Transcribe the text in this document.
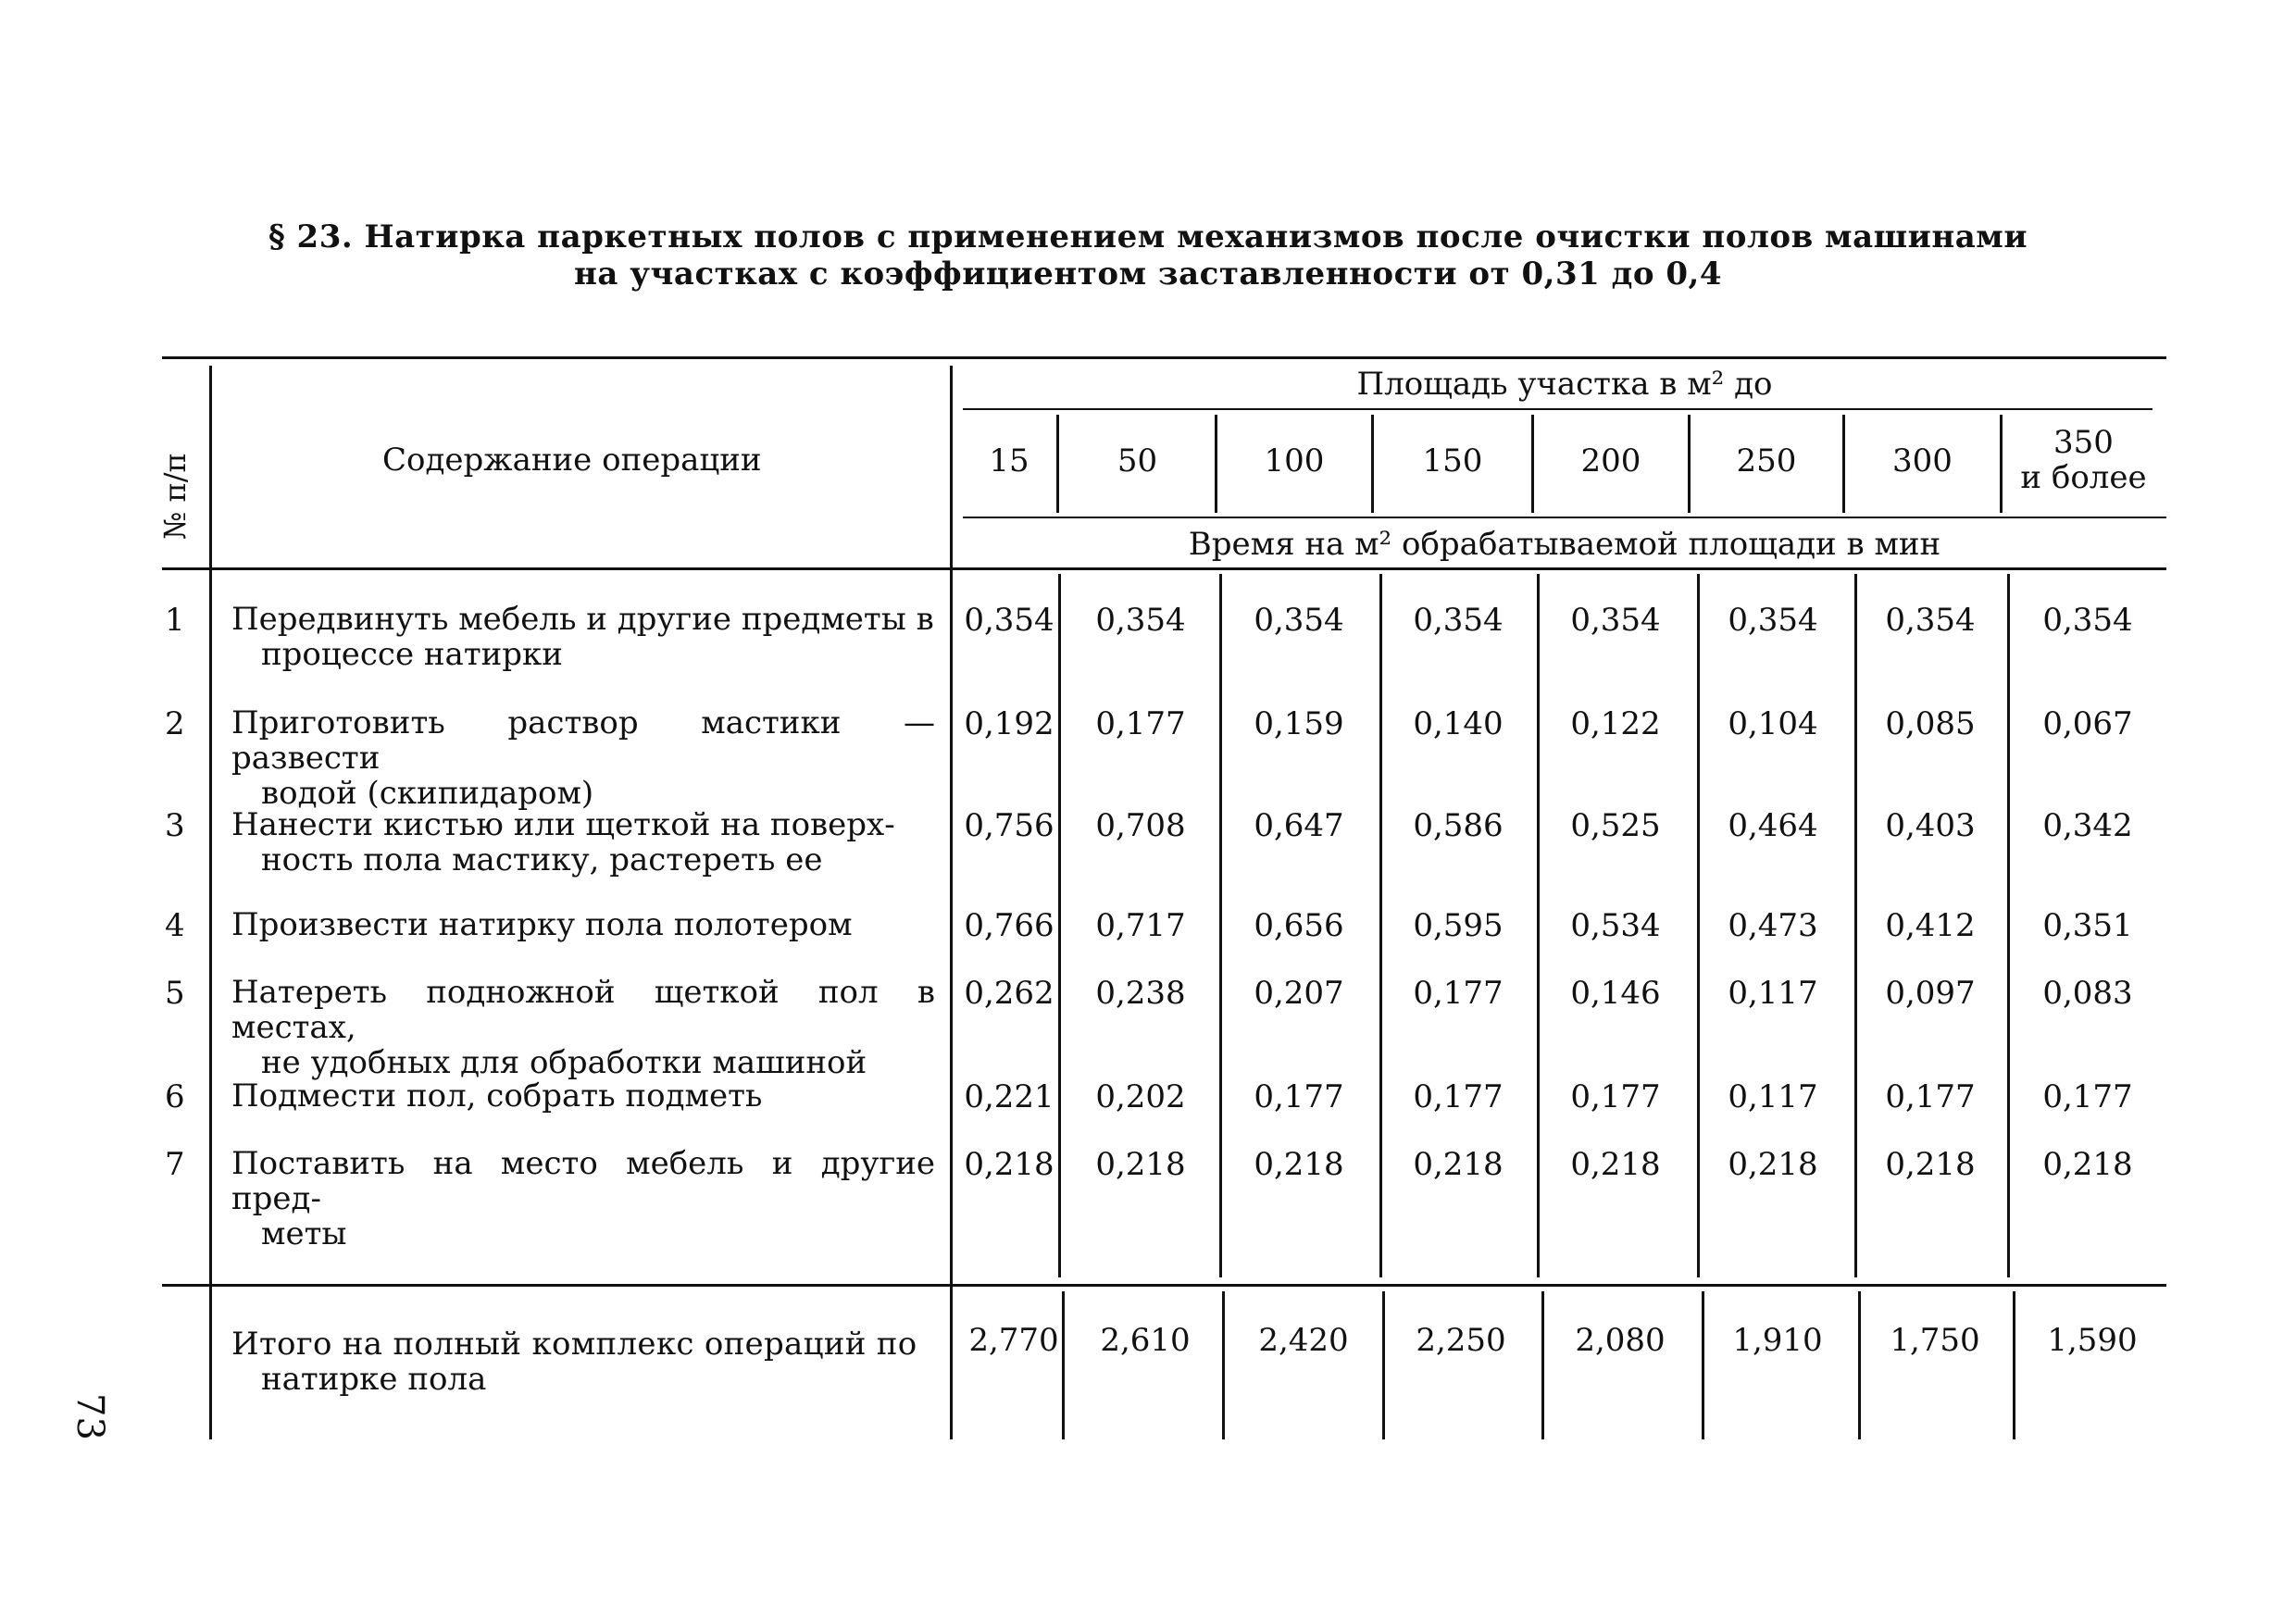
§ 23. Натирка паркетных полов с применением механизмов после очистки полов машинами
на участках с коэффициентом заставленности от 0,31 до 0,4
№ п/п	Содержание операции
Площадь участка в м² до
15	50	100	150	200	250	300	350
и более
Время на м² обрабатываемой площади в мин
1 Передвинуть мебель и другие предметы в
процессе натирки
0,354	0,354	0,354	0,354	0,354	0,354	0,354	0,354
2 Приготовить раствор мастики — развести
водой (скипидаром)
0,192	0,177	0,159	0,140	0,122	0,104	0,085	0,067
3 Нанести кистью или щеткой на поверх-
ность пола мастику, растереть ее
0,756	0,708	0,647	0,586	0,525	0,464	0,403	0,342
4 Произвести натирку пола полотером	0,766	0,717	0,656	0,595	0,534	0,473	0,412	0,351
5 Натереть подножной щеткой пол в местах,
не удобных для обработки машиной
0,262	0,238	0,207	0,177	0,146	0,117	0,097	0,083
6 Подмести пол, собрать подметь	0,221	0,202	0,177	0,177	0,177	0,117	0,177	0,177
7 Поставить на место мебель и другие пред-
меты
0,218	0,218	0,218	0,218	0,218	0,218	0,218	0,218
Итого на полный комплекс операций по
натирке пола
2,770	2,610	2,420	2,250	2,080	1,910	1,750	1,590
73
